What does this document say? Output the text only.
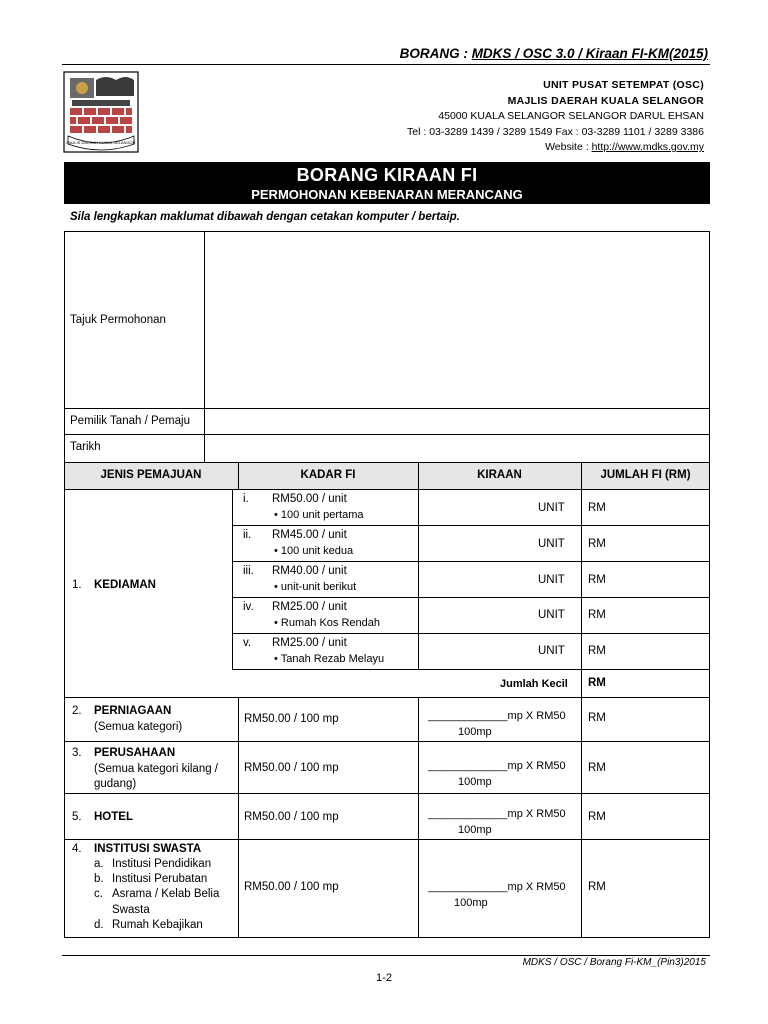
BORANG : MDKS / OSC 3.0 / Kiraan FI-KM(2015)
MAJLIS DAERAH KUALA SELANGOR
UNIT PUSAT SETEMPAT (OSC)
MAJLIS DAERAH KUALA SELANGOR
45000 KUALA SELANGOR SELANGOR DARUL EHSAN
Tel : 03-3289 1439 / 3289 1549 Fax : 03-3289 1101 / 3289 3386
Website : http://www.mdks.gov.my
BORANG KIRAAN FI
PERMOHONAN KEBENARAN MERANCANG
Sila lengkapkan maklumat dibawah dengan cetakan komputer / bertaip.
Tajuk Permohonan
Pemilik Tanah / Pemaju
Tarikh
JENIS PEMAJUAN	KADAR FI	KIRAAN	JUMLAH FI (RM)
1. KEDIAMAN
i. RM50.00 / unit
• 100 unit pertama
UNIT RM
ii. RM45.00 / unit
• 100 unit kedua
UNIT RM
iii. RM40.00 / unit
• unit-unit berikut
UNIT RM
iv. RM25.00 / unit
• Rumah Kos Rendah
UNIT RM
v. RM25.00 / unit
• Tanah Rezab Melayu
UNIT RM
Jumlah Kecil RM
2. PERNIAGAAN
(Semua kategori)
RM50.00 / 100 mp	_____________mp X RM50
100mp
RM
3. PERUSAHAAN
(Semua kategori kilang /
gudang)
RM50.00 / 100 mp	_____________mp X RM50
100mp
RM
5. HOTEL	RM50.00 / 100 mp	_____________mp X RM50
100mp
RM
4. INSTITUSI SWASTA
a. Institusi Pendidikan
b. Institusi Perubatan
c. Asrama / Kelab Belia
Swasta
d. Rumah Kebajikan
RM50.00 / 100 mp	_____________mp X RM50
100mp
RM
MDKS / OSC / Borang Fi-KM_(Pin3)2015
1-2
